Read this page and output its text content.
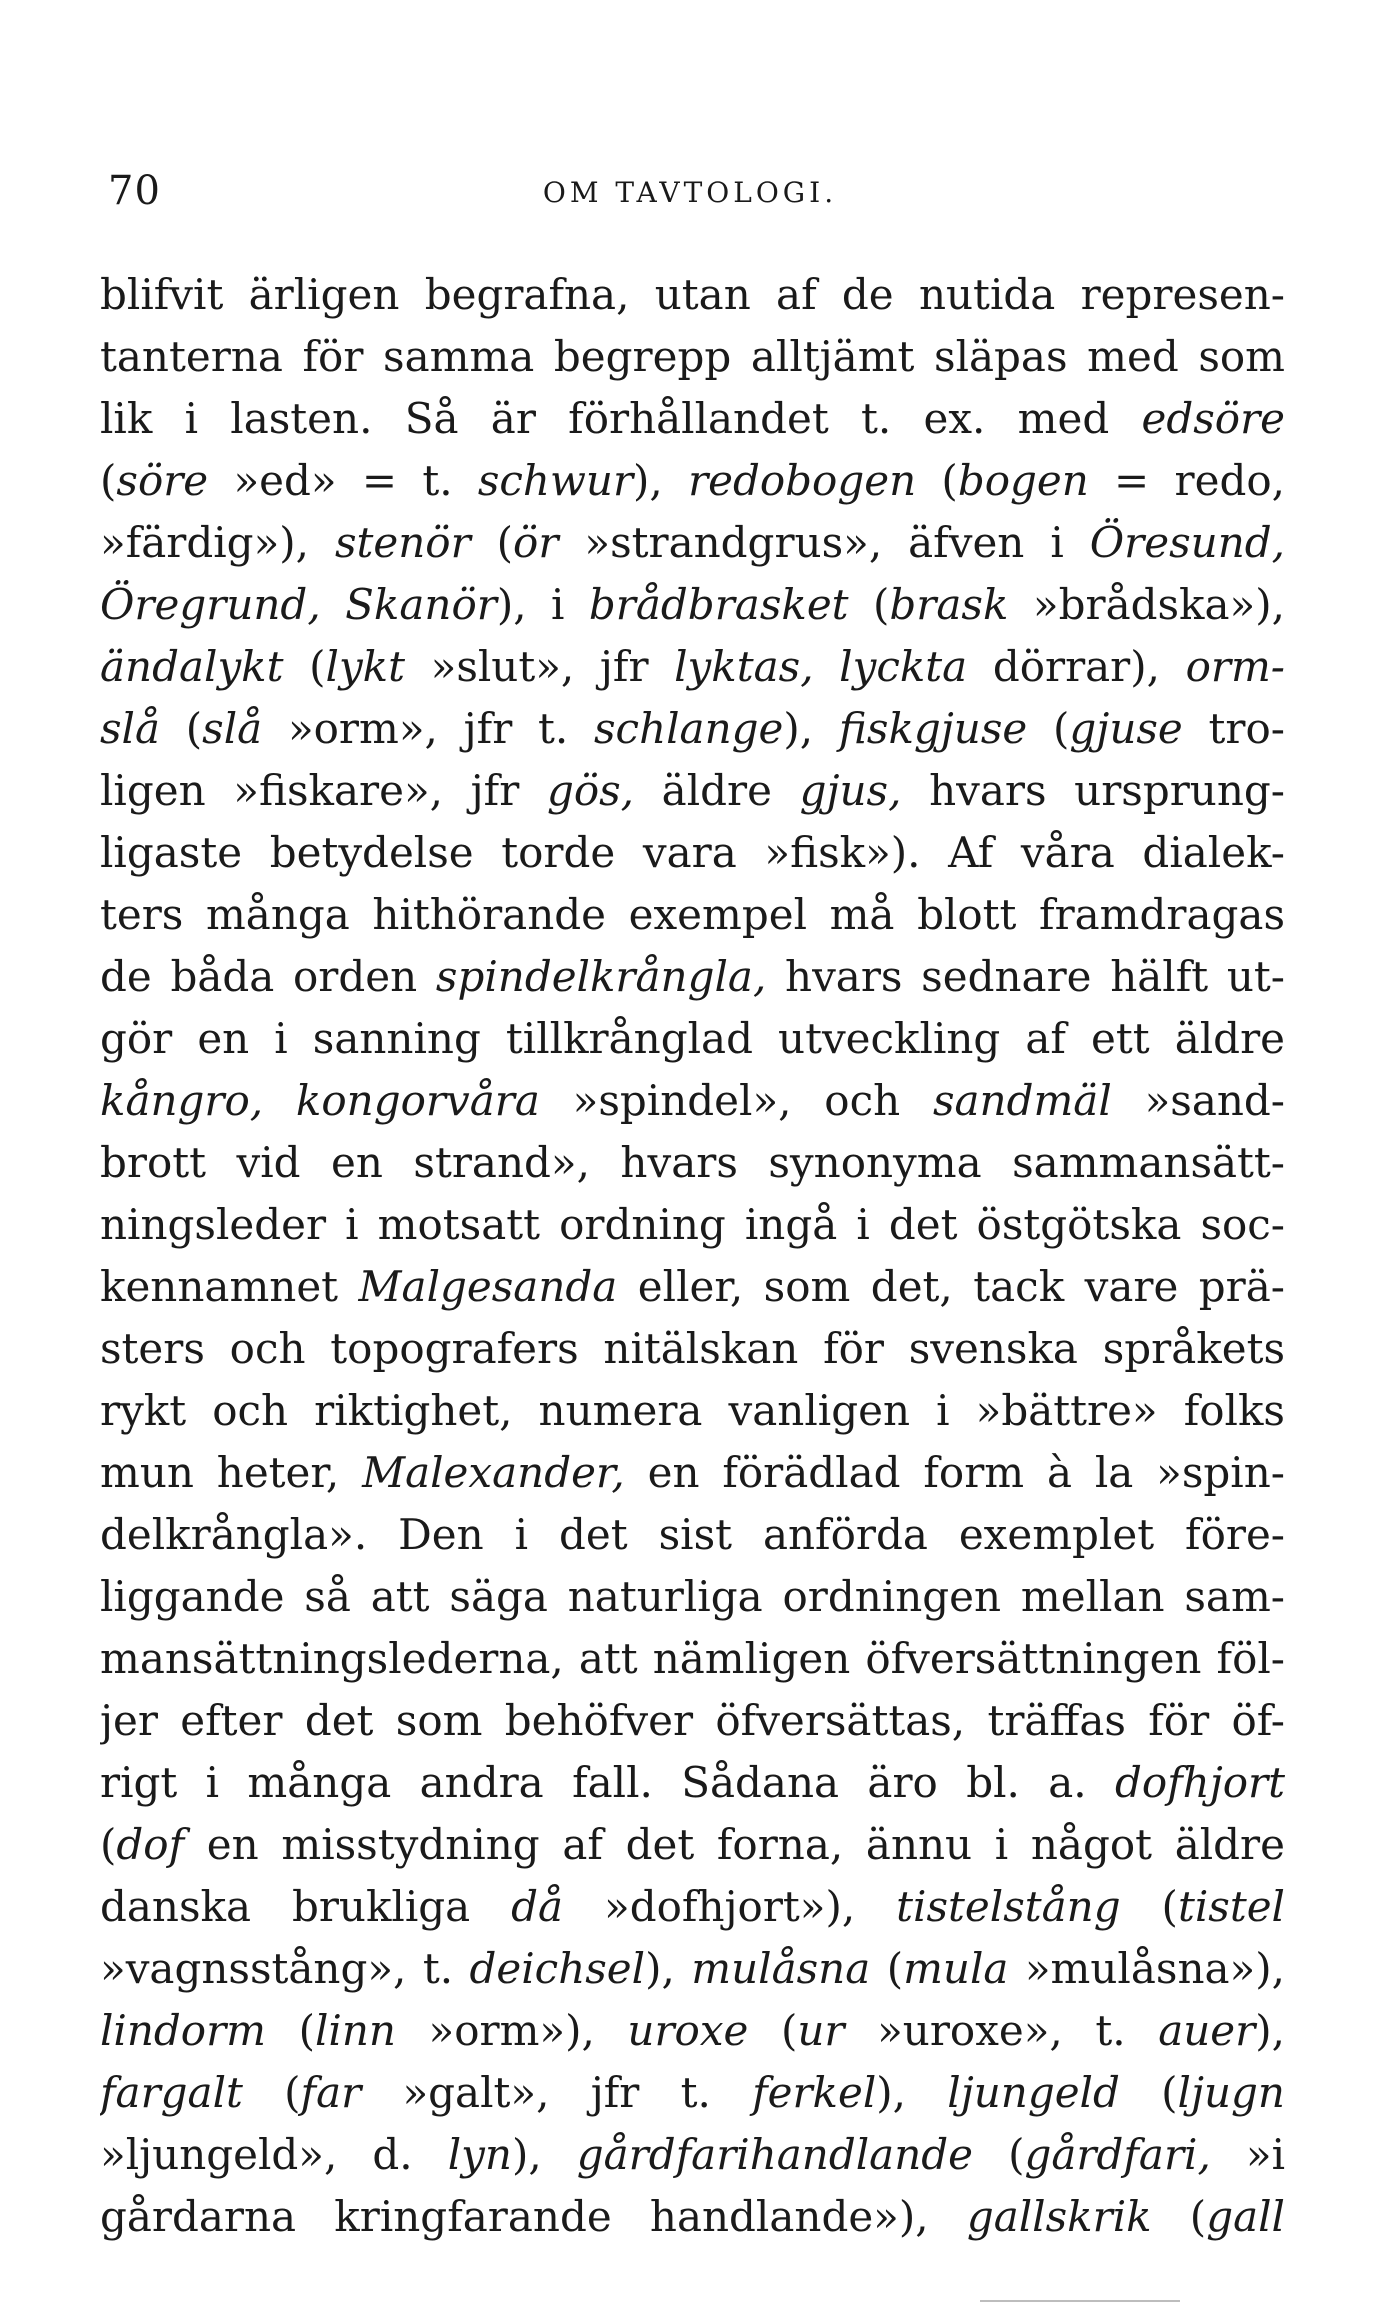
70	OM TAVTOLOGI.
blifvit ärligen begrafna, utan af de nutida represen-
tanterna för samma begrepp alltjämt släpas med som
lik i lasten. Så är förhållandet t. ex. med edsöre
(söre »ed» = t. schwur), redobogen (bogen = redo,
»färdig»), stenör (ör »strandgrus», äfven i Öresund,
Öregrund, Skanör), i brådbrasket (brask »brådska»),
ändalykt (lykt »slut», jfr lyktas, lyckta dörrar), orm-
slå (slå »orm», jfr t. schlange), fiskgjuse (gjuse tro-
ligen »fiskare», jfr gös, äldre gjus, hvars ursprung-
ligaste betydelse torde vara »fisk»). Af våra dialek-
ters många hithörande exempel må blott framdragas
de båda orden spindelkrångla, hvars sednare hälft ut-
gör en i sanning tillkrånglad utveckling af ett äldre
kångro, kongorvåra »spindel», och sandmäl »sand-
brott vid en strand», hvars synonyma sammansätt-
ningsleder i motsatt ordning ingå i det östgötska soc-
kennamnet Malgesanda eller, som det, tack vare prä-
sters och topografers nitälskan för svenska språkets
rykt och riktighet, numera vanligen i »bättre» folks
mun heter, Malexander, en förädlad form à la »spin-
delkrångla». Den i det sist anförda exemplet före-
liggande så att säga naturliga ordningen mellan sam-
mansättningslederna, att nämligen öfversättningen föl-
jer efter det som behöfver öfversättas, träffas för öf-
rigt i många andra fall. Sådana äro bl. a. dofhjort
(dof en misstydning af det forna, ännu i något äldre
danska brukliga då »dofhjort»), tistelstång (tistel
»vagnsstång», t. deichsel), mulåsna (mula »mulåsna»),
lindorm (linn »orm»), uroxe (ur »uroxe», t. auer),
fargalt (far »galt», jfr t. ferkel), ljungeld (ljugn
»ljungeld», d. lyn), gårdfarihandlande (gårdfari, »i
gårdarna kringfarande handlande»), gallskrik (gall
